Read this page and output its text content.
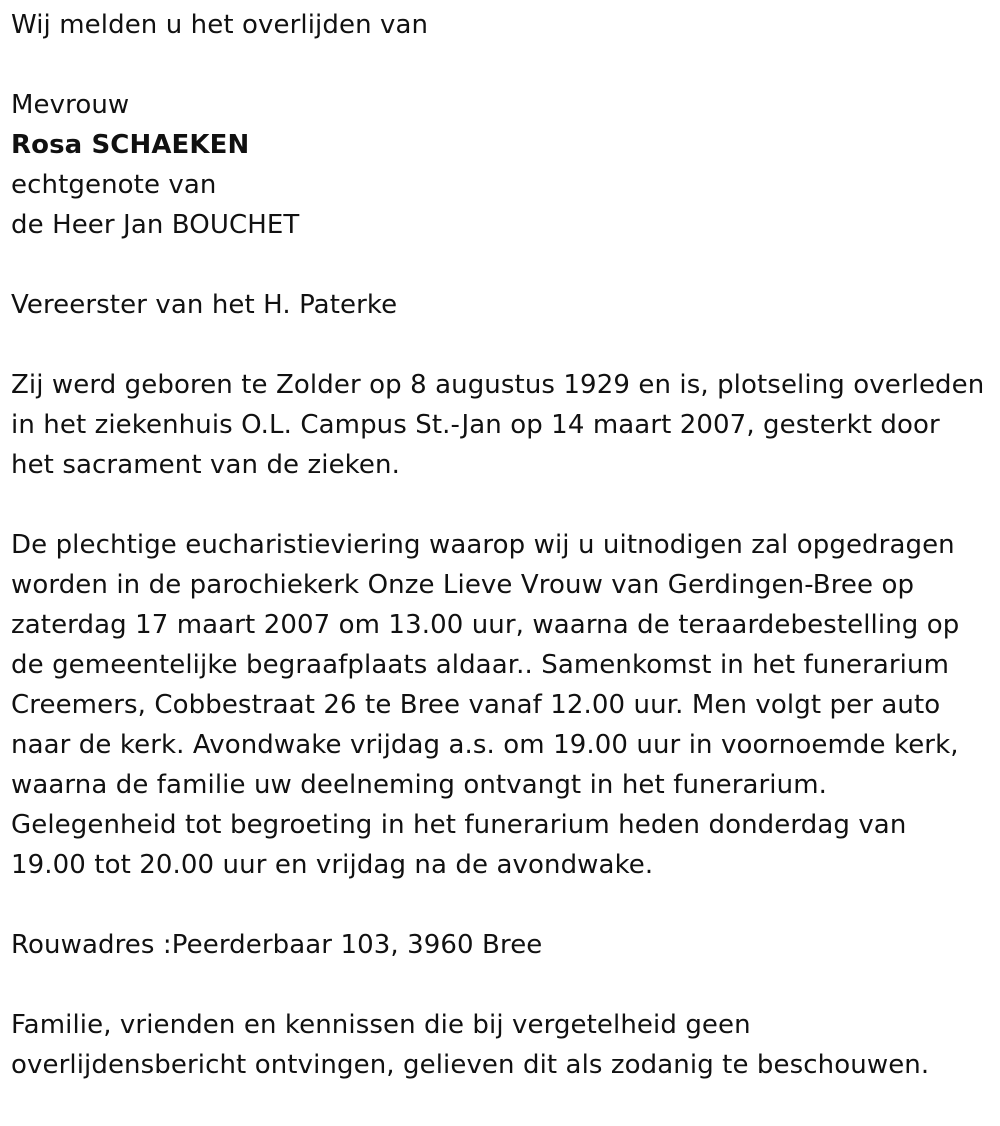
Wij melden u het overlijden van

Mevrouw

Rosa SCHAEKEN

echtgenote van

de Heer Jan BOUCHET

Vereerster van het H. Paterke

Zij werd geboren te Zolder op 8 augustus 1929 en is, plotseling overleden

in het ziekenhuis O.L. Campus St.-Jan op 14 maart 2007, gesterkt door

het sacrament van de zieken.

De plechtige eucharistieviering waarop wij u uitnodigen zal opgedragen

worden in de parochiekerk Onze Lieve Vrouw van Gerdingen-Bree op

zaterdag 17 maart 2007 om 13.00 uur, waarna de teraardebestelling op

de gemeentelijke begraafplaats aldaar.. Samenkomst in het funerarium

Creemers, Cobbestraat 26 te Bree vanaf 12.00 uur. Men volgt per auto

naar de kerk. Avondwake vrijdag a.s. om 19.00 uur in voornoemde kerk,

waarna de familie uw deelneming ontvangt in het funerarium.

Gelegenheid tot begroeting in het funerarium heden donderdag van

19.00 tot 20.00 uur en vrijdag na de avondwake.

Rouwadres :Peerderbaar 103, 3960 Bree

Familie, vrienden en kennissen die bij vergetelheid geen

overlijdensbericht ontvingen, gelieven dit als zodanig te beschouwen.
